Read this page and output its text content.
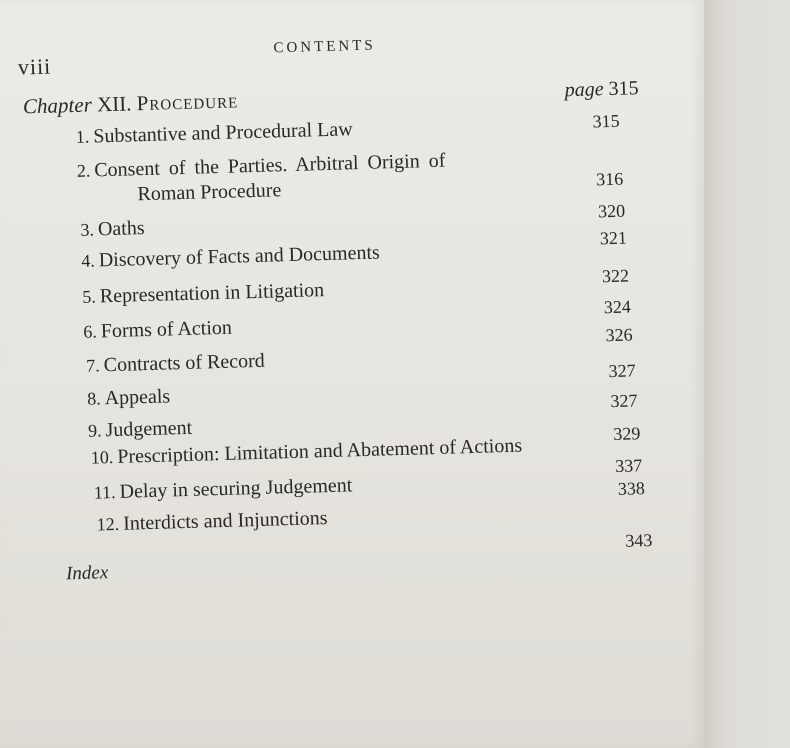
viii
CONTENTS
Chapter XII. Procedure	page 315
1. Substantive and Procedural Law	315
2. Consent of the Parties. Arbitral Origin of
Roman Procedure
316
3. Oaths
320
4. Discovery of Facts and Documents
321
5. Representation in Litigation
322
6. Forms of Action
324
7. Contracts of Record
326
8. Appeals
327
9. Judgement
327
10. Prescription: Limitation and Abatement of Actions
329
11. Delay in securing Judgement
337
12. Interdicts and Injunctions
338
Index
343
